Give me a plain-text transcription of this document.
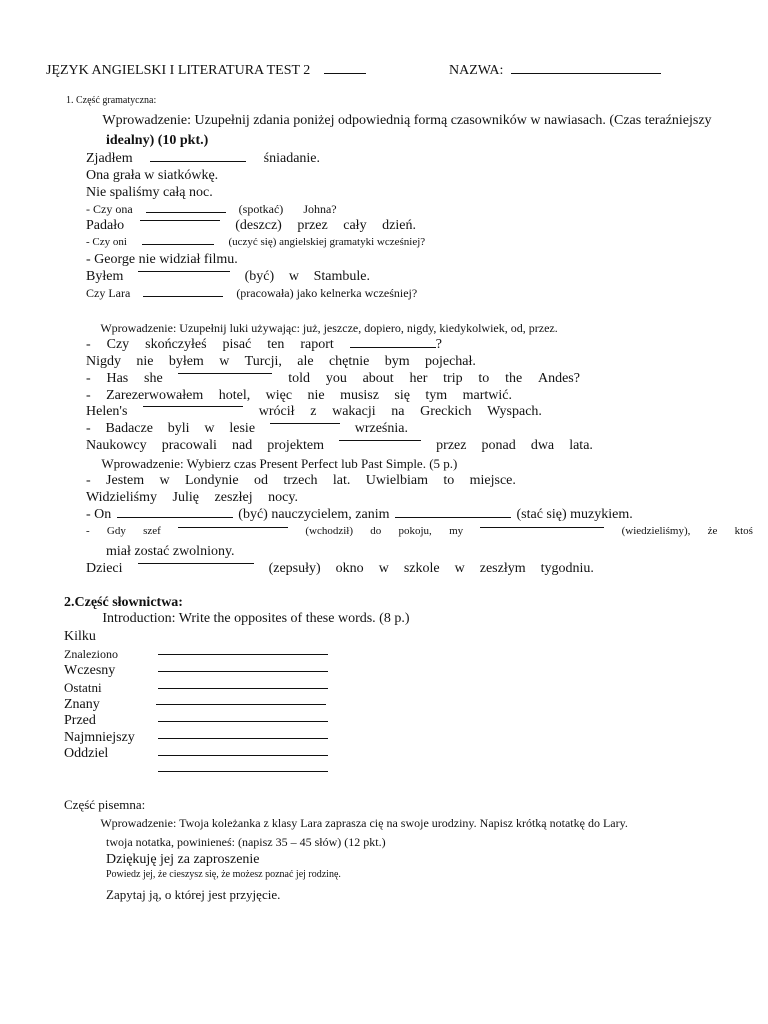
JĘZYK ANGIELSKI I LITERATURA TEST 2	NAZWA:
1. Część gramatyczna:
Wprowadzenie: Uzupełnij zdania poniżej odpowiednią formą czasowników w nawiasach. (Czas teraźniejszy
idealny) (10 pkt.)
Zjadłem	śniadanie.
Ona grała w siatkówkę.
Nie spaliśmy całą noc.
- Czy ona	(spotkać) Johna?
Padało	(deszcz) przez cały dzień.
- Czy oni	(uczyć się) angielskiej gramatyki wcześniej?
- George nie widział filmu.
Byłem	(być) w Stambule.
Czy Lara	(pracowała) jako kelnerka wcześniej?
Wprowadzenie: Uzupełnij luki używając: już, jeszcze, dopiero, nigdy, kiedykolwiek, od, przez.
- Czy skończyłeś pisać ten raport	?
Nigdy nie byłem w Turcji, ale chętnie bym pojechał.
- Has she	told you about her trip to the Andes?
- Zarezerwowałem hotel, więc nie musisz się tym martwić.
Helen's	wrócił z wakacji na Greckich Wyspach.
- Badacze byli w lesie	września.
Naukowcy pracowali nad projektem	przez ponad dwa lata.
Wprowadzenie: Wybierz czas Present Perfect lub Past Simple. (5 p.)
- Jestem w Londynie od trzech lat. Uwielbiam to miejsce.
Widzieliśmy Julię zeszłej nocy.
- On	(być) nauczycielem, zanim	(stać się) muzykiem.
- Gdy szef	(wchodził) do pokoju, my	(wiedzieliśmy), że ktoś
miał zostać zwolniony.
Dzieci	(zepsuły) okno w szkole w zeszłym tygodniu.
2.Część słownictwa:
Introduction: Write the opposites of these words. (8 p.)
Kilku
Znaleziono
Wczesny
Ostatni
Znany
Przed
Najmniejszy
Oddziel
Część pisemna:
Wprowadzenie: Twoja koleżanka z klasy Lara zaprasza cię na swoje urodziny. Napisz krótką notatkę do Lary.
twoja notatka, powinieneś: (napisz 35 – 45 słów) (12 pkt.)
Dziękuję jej za zaproszenie
Powiedz jej, że cieszysz się, że możesz poznać jej rodzinę.
Zapytaj ją, o której jest przyjęcie.
